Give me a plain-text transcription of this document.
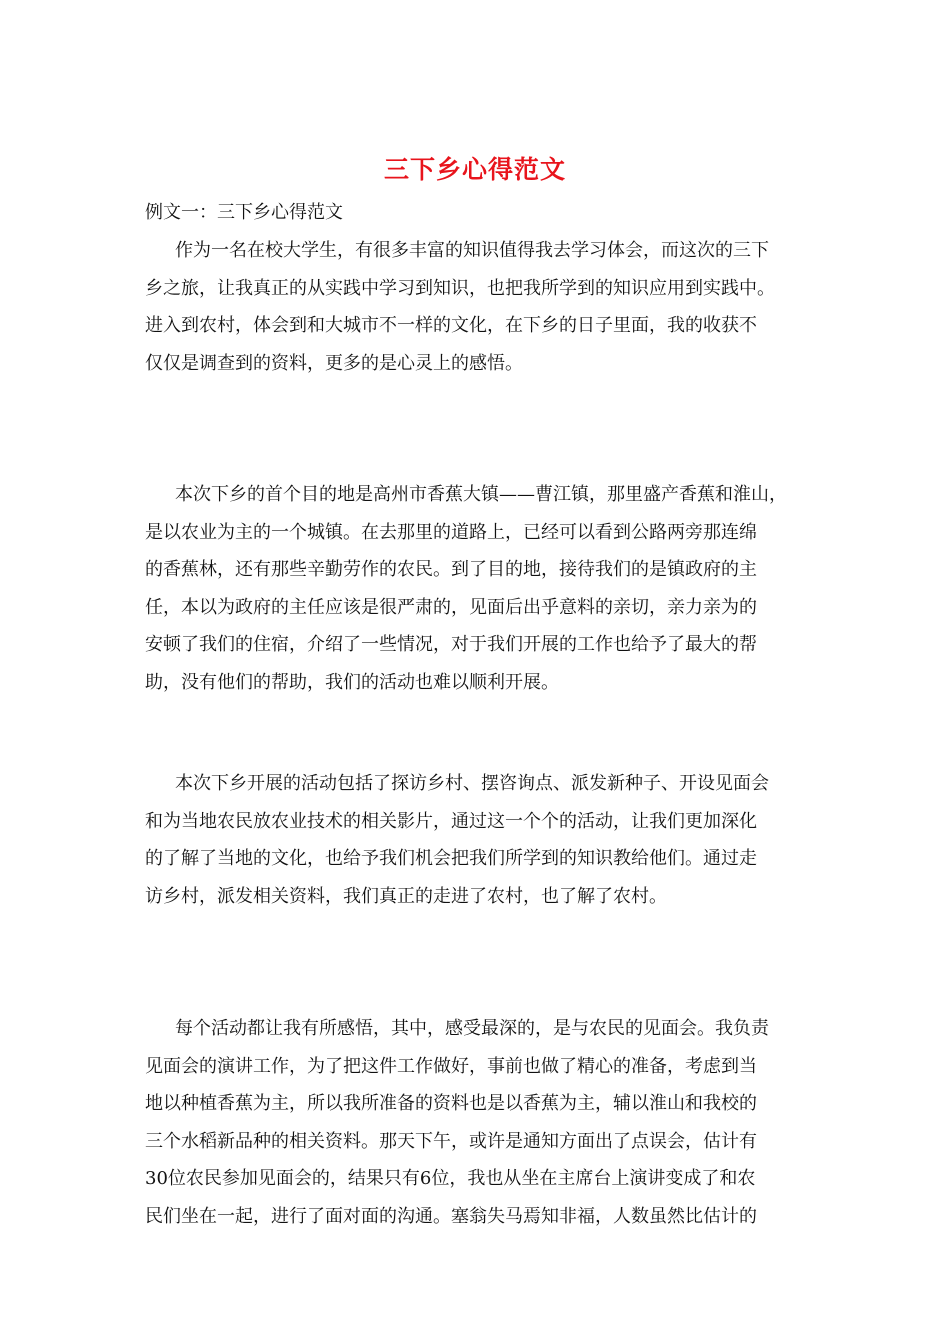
三下乡心得范文

例文一：三下乡心得范文

作为一名在校大学生，有很多丰富的知识值得我去学习体会，而这次的三下
乡之旅，让我真正的从实践中学习到知识，也把我所学到的知识应用到实践中。
进入到农村，体会到和大城市不一样的文化，在下乡的日子里面，我的收获不
仅仅是调查到的资料，更多的是心灵上的感悟。
本次下乡的首个目的地是高州市香蕉大镇——曹江镇，那里盛产香蕉和淮山，
是以农业为主的一个城镇。在去那里的道路上，已经可以看到公路两旁那连绵
的香蕉林，还有那些辛勤劳作的农民。到了目的地，接待我们的是镇政府的主
任，本以为政府的主任应该是很严肃的，见面后出乎意料的亲切，亲力亲为的
安顿了我们的住宿，介绍了一些情况，对于我们开展的工作也给予了最大的帮
助，没有他们的帮助，我们的活动也难以顺利开展。
本次下乡开展的活动包括了探访乡村、摆咨询点、派发新种子、开设见面会
和为当地农民放农业技术的相关影片，通过这一个个的活动，让我们更加深化
的了解了当地的文化，也给予我们机会把我们所学到的知识教给他们。通过走
访乡村，派发相关资料，我们真正的走进了农村，也了解了农村。
每个活动都让我有所感悟，其中，感受最深的，是与农民的见面会。我负责
见面会的演讲工作，为了把这件工作做好，事前也做了精心的准备，考虑到当
地以种植香蕉为主，所以我所准备的资料也是以香蕉为主，辅以淮山和我校的
三个水稻新品种的相关资料。那天下午，或许是通知方面出了点误会，估计有
30位农民参加见面会的，结果只有6位，我也从坐在主席台上演讲变成了和农
民们坐在一起，进行了面对面的沟通。塞翁失马焉知非福，人数虽然比估计的
